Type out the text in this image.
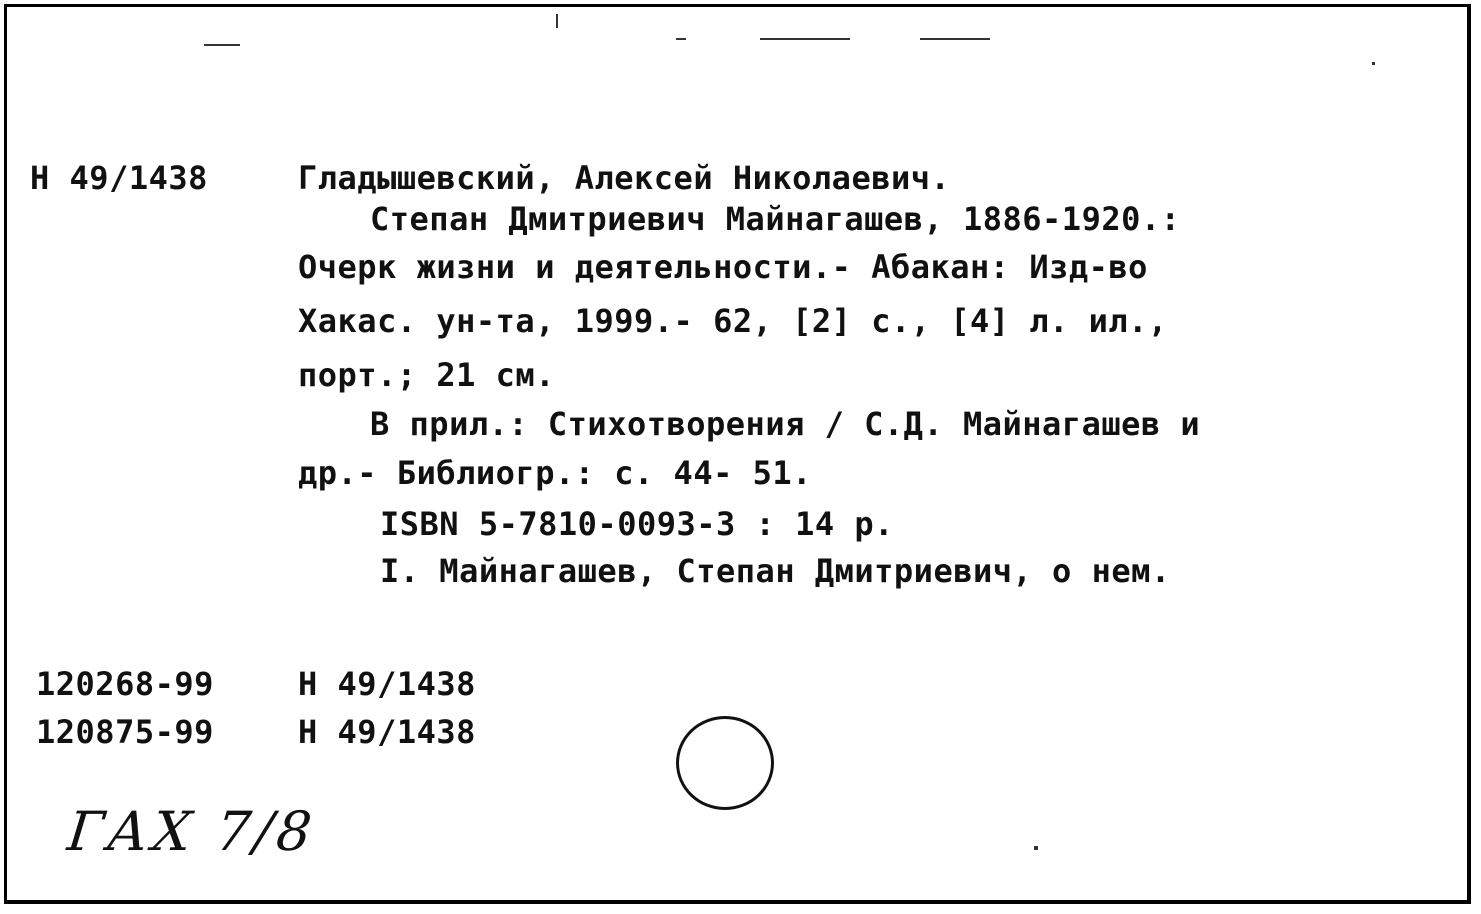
Н 49/1438	Гладышевский, Алексей Николаевич.
Степан Дмитриевич Майнагашев, 1886-1920.:
Очерк жизни и деятельности.- Абакан: Изд-во
Хакас. ун-та, 1999.- 62, [2] с., [4] л. ил.,
порт.; 21 см.
В прил.: Стихотворения / С.Д. Майнагашев и
др.- Библиогр.: с. 44- 51.
ISBN 5-7810-0093-3 : 14 р.
I. Майнагашев, Степан Дмитриевич, о нем.
120268-99	Н 49/1438
120875-99	Н 49/1438
ГАХ 7/8
